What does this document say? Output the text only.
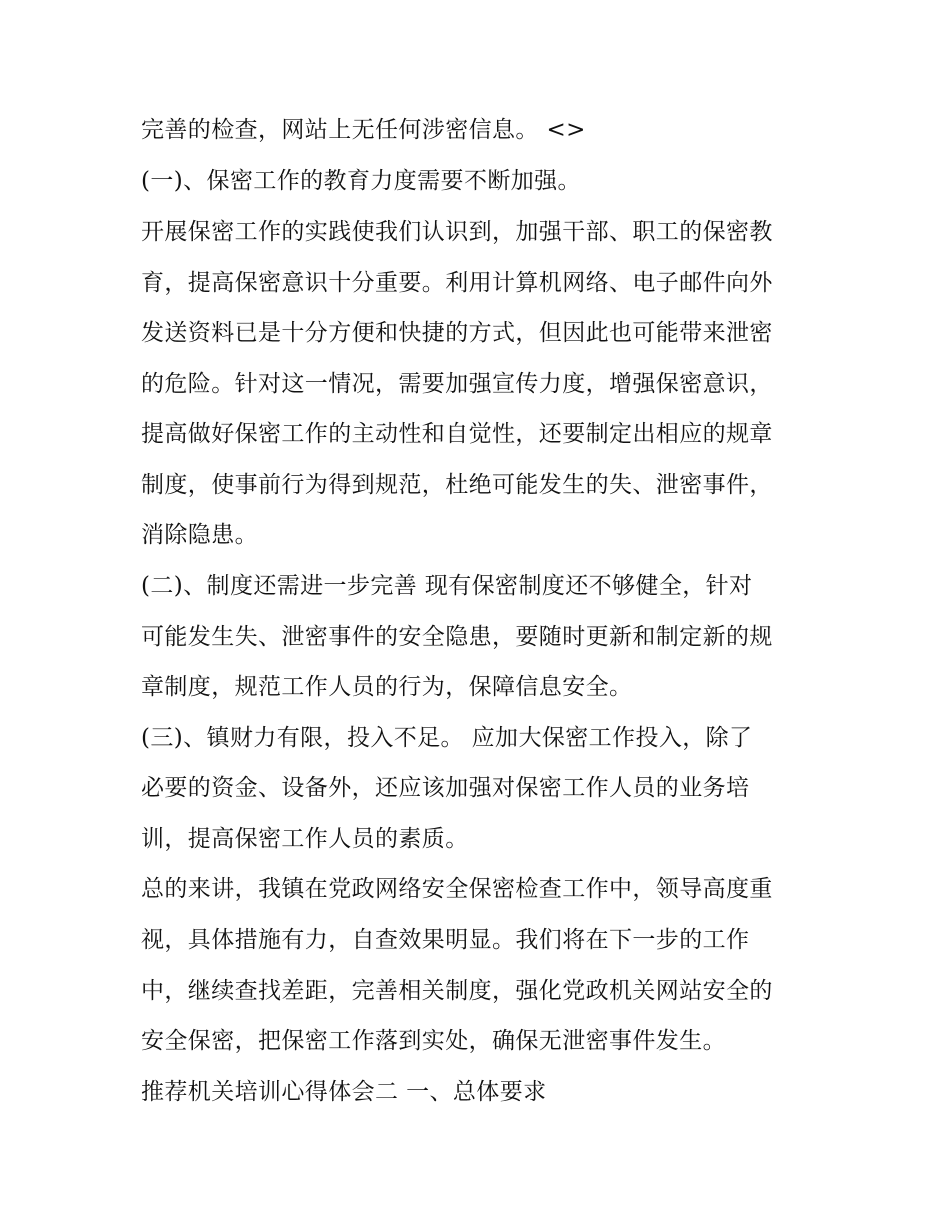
完善的检查，网站上无任何涉密信息。 <>
(一)、保密工作的教育力度需要不断加强。
开展保密工作的实践使我们认识到，加强干部、职工的保密教
育，提高保密意识十分重要。利用计算机网络、电子邮件向外
发送资料已是十分方便和快捷的方式，但因此也可能带来泄密
的危险。针对这一情况，需要加强宣传力度，增强保密意识，
提高做好保密工作的主动性和自觉性，还要制定出相应的规章
制度，使事前行为得到规范，杜绝可能发生的失、泄密事件，
消除隐患。
(二)、制度还需进一步完善 现有保密制度还不够健全，针对
可能发生失、泄密事件的安全隐患，要随时更新和制定新的规
章制度，规范工作人员的行为，保障信息安全。
(三)、镇财力有限，投入不足。 应加大保密工作投入，除了
必要的资金、设备外，还应该加强对保密工作人员的业务培
训，提高保密工作人员的素质。
总的来讲，我镇在党政网络安全保密检查工作中，领导高度重
视，具体措施有力，自查效果明显。我们将在下一步的工作
中，继续查找差距，完善相关制度，强化党政机关网站安全的
安全保密，把保密工作落到实处，确保无泄密事件发生。
推荐机关培训心得体会二 一、总体要求
